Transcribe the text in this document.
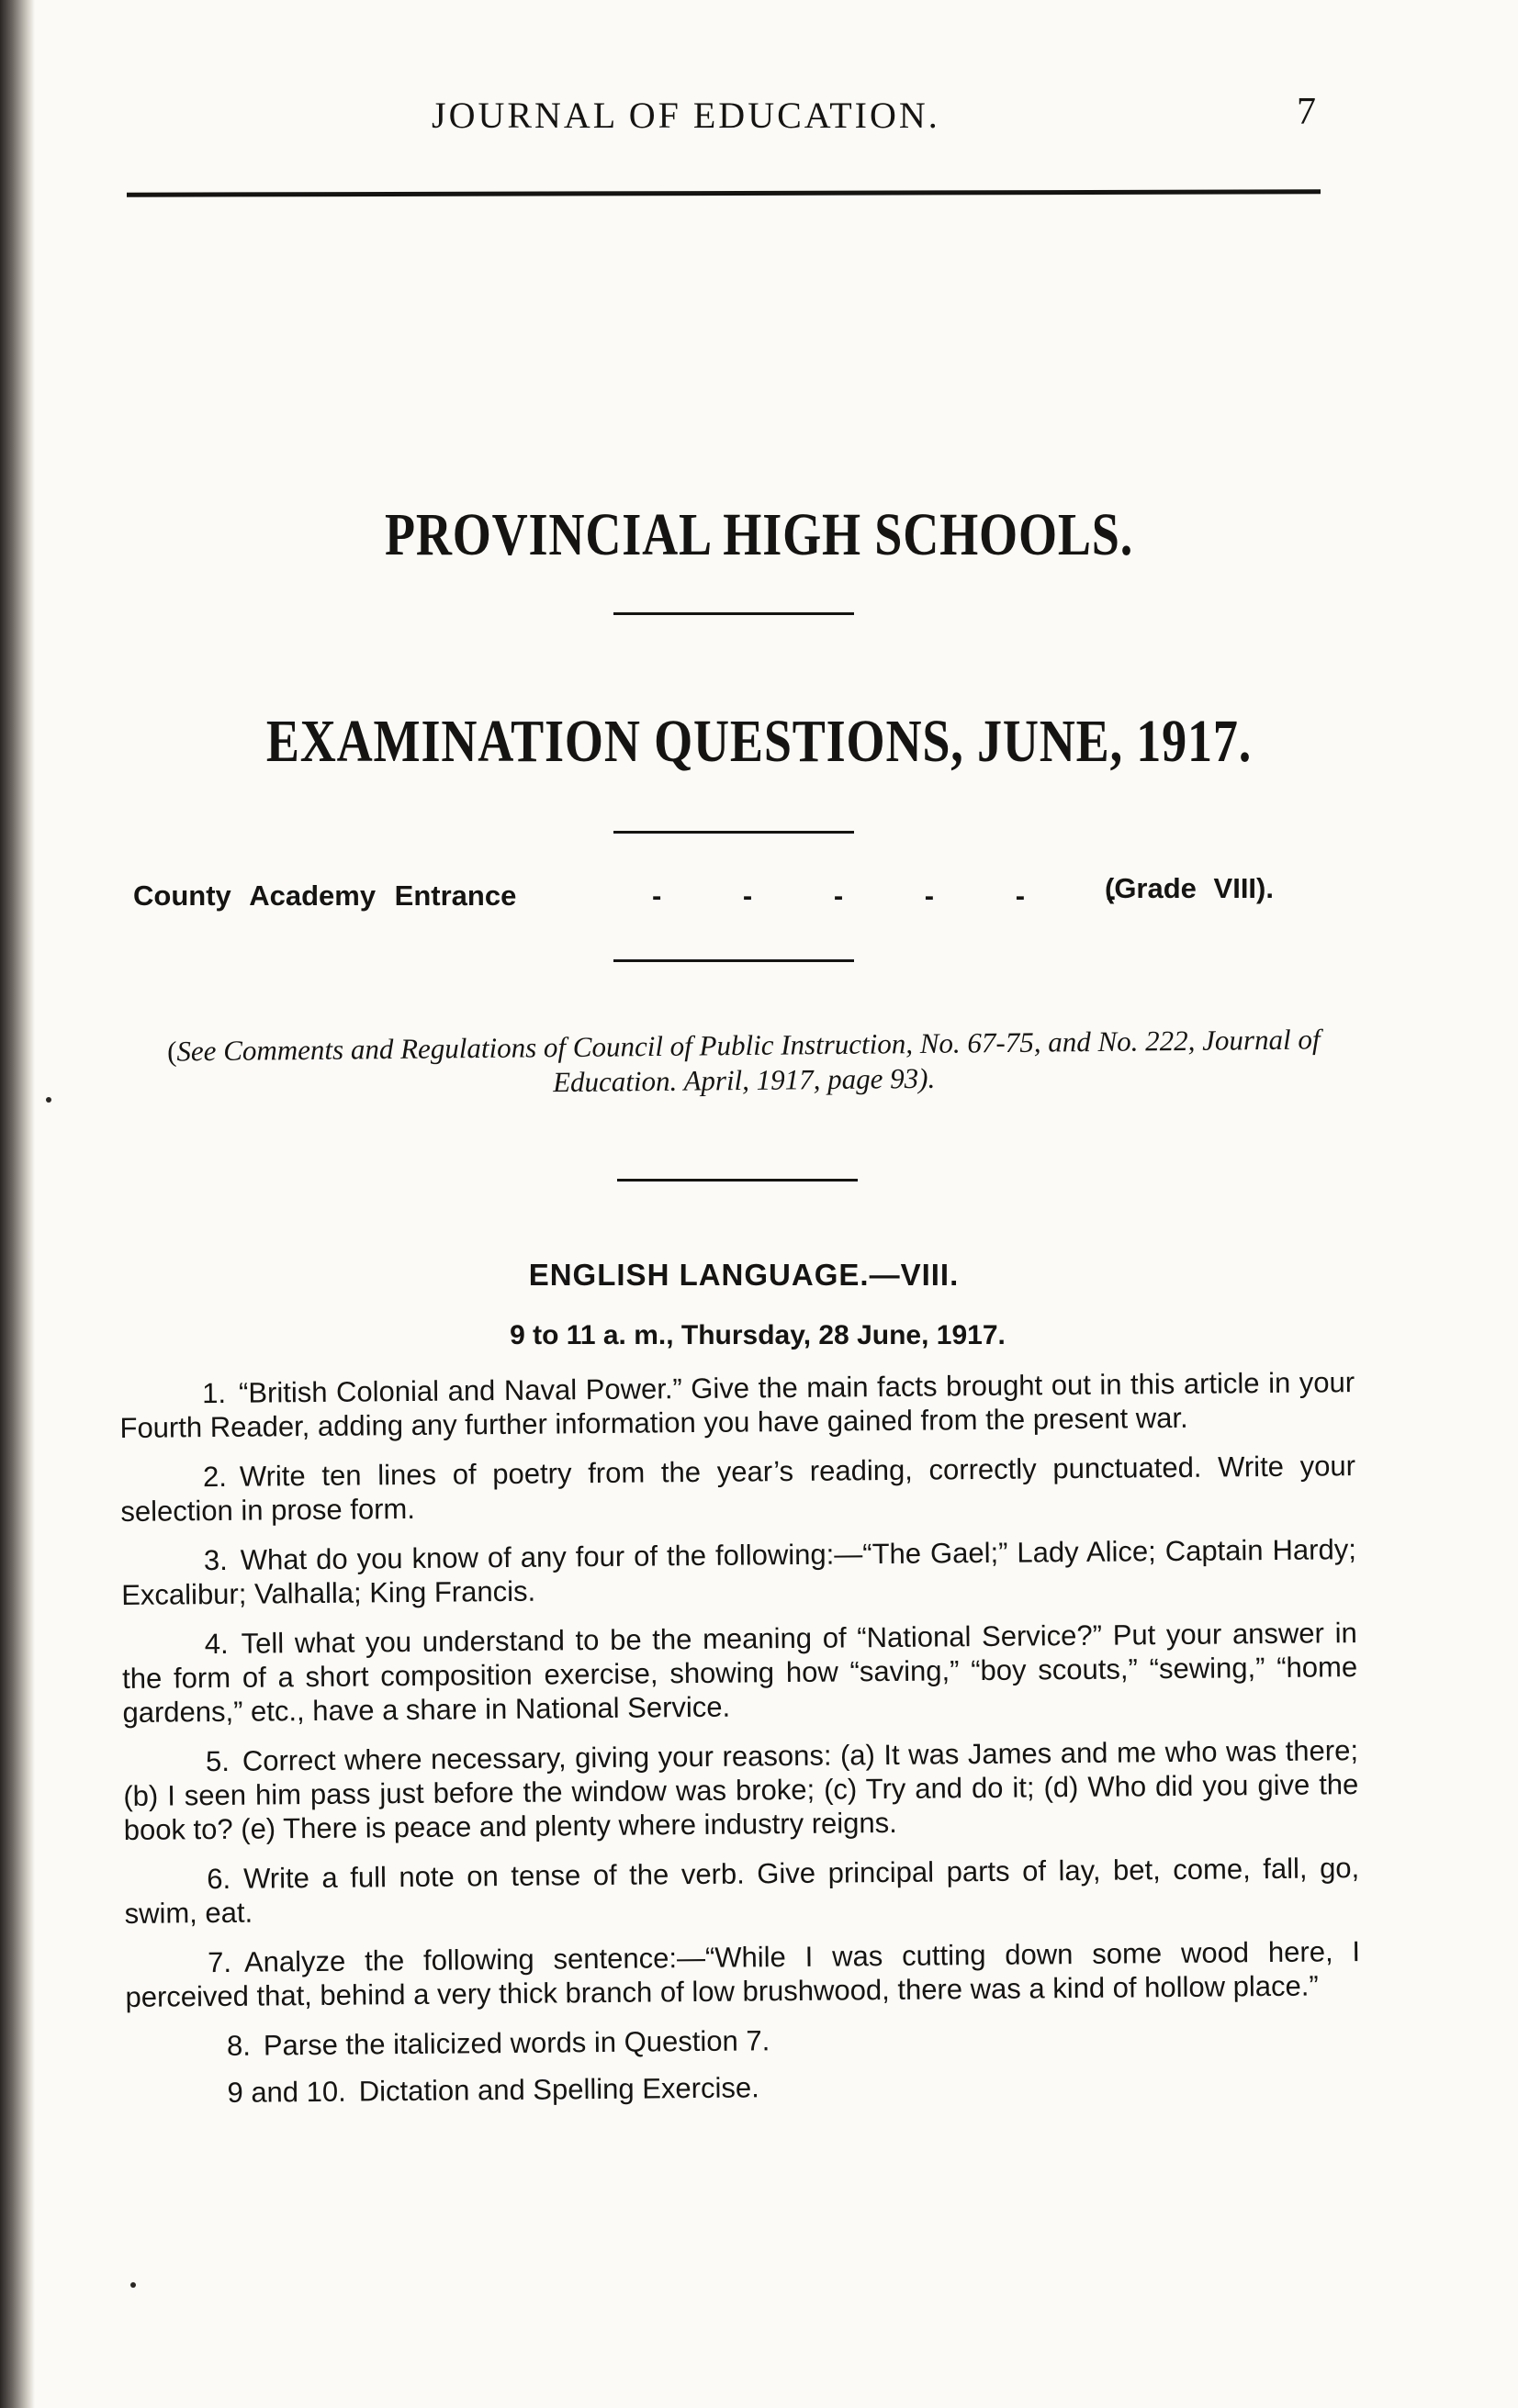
JOURNAL OF EDUCATION.	7
PROVINCIAL HIGH SCHOOLS.
EXAMINATION QUESTIONS, JUNE, 1917.
County Academy Entrance	- - - - - -
(Grade VIII).
(See Comments and Regulations of Council of Public Instruction, No. 67-75, and No. 222, Journal of Education. April, 1917, page 93).
ENGLISH LANGUAGE.—VIII.
9 to 11 a. m., Thursday, 28 June, 1917.

1. “British Colonial and Naval Power.” Give the main facts brought out in this article in your Fourth Reader, adding any further information you have gained from the present war.

2. Write ten lines of poetry from the year’s reading, correctly punctuated. Write your selection in prose form.

3. What do you know of any four of the following:—“The Gael;” Lady Alice; Captain Hardy; Excalibur; Valhalla; King Francis.

4. Tell what you understand to be the meaning of “National Service?” Put your answer in the form of a short composition exercise, showing how “saving,” “boy scouts,” “sewing,” “home gardens,” etc., have a share in National Service.

5. Correct where necessary, giving your reasons: (a) It was James and me who was there; (b) I seen him pass just before the window was broke; (c) Try and do it; (d) Who did you give the book to? (e) There is peace and plenty where industry reigns.

6. Write a full note on tense of the verb. Give principal parts of lay, bet, come, fall, go, swim, eat.

7. Analyze the following sentence:—“While I was cutting down some wood here, I perceived that, behind a very thick branch of low brushwood, there was a kind of hollow place.”

8. Parse the italicized words in Question 7.

9 and 10. Dictation and Spelling Exercise.
